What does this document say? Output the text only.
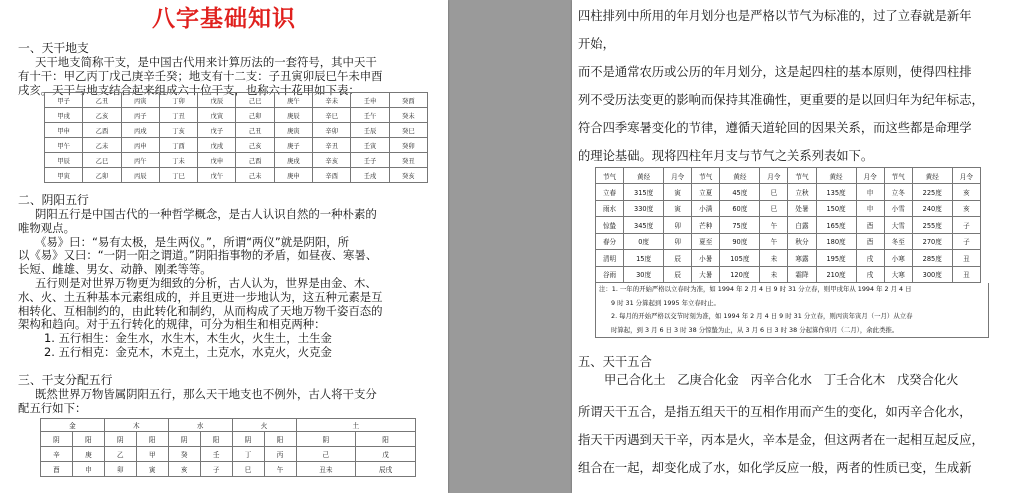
八字基础知识

一、天干地支

天干地支简称干支，是中国古代用来计算历法的一套符号，其中天干

有十干：甲乙丙丁戊己庚辛壬癸；地支有十二支：子丑寅卯辰巳午未申酉

戌亥。天干与地支结合起来组成六十位干支，也称六十花甲如下表：

甲子	乙丑	丙寅	丁卯	戊辰	己巳	庚午	辛未	壬申	癸酉
甲戌	乙亥	丙子	丁丑	戊寅	己卯	庚辰	辛巳	壬午	癸未
甲申	乙酉	丙戌	丁亥	戊子	己丑	庚寅	辛卯	壬辰	癸巳
甲午	乙未	丙申	丁酉	戊戌	己亥	庚子	辛丑	壬寅	癸卯
甲辰	乙巳	丙午	丁未	戊申	己酉	庚戌	辛亥	壬子	癸丑
甲寅	乙卯	丙辰	丁巳	戊午	己未	庚申	辛酉	壬戌	癸亥

二、阴阳五行

阴阳五行是中国古代的一种哲学概念，是古人认识自然的一种朴素的

唯物观点。

《易》曰：“易有太极，是生两仪。”，所谓“两仪”就是阴阳，所

以《易》又曰：“一阴一阳之谓道。”阴阳指事物的矛盾，如昼夜、寒暑、

长短、雌雄、男女、动静、刚柔等等。

五行则是对世界万物更为细致的分析，古人认为，世界是由金、木、

水、火、土五种基本元素组成的，并且更进一步地认为，这五种元素是互

相转化、互相制约的，由此转化和制约，从而构成了天地万物千姿百态的

架构和趋向。对于五行转化的规律，可分为相生和相克两种：

1. 五行相生：金生水，水生木，木生火，火生土，土生金

2. 五行相克：金克木，木克土，土克水，水克火，火克金

三、干支分配五行

既然世界万物皆属阴阳五行，那么天干地支也不例外，古人将干支分

配五行如下：

金		木		水		火		土	
阴	阳	阴	阳	阴	阳	阴	阳	阴	阳
辛	庚	乙	甲	癸	壬	丁	丙	己	戊
酉	申	卯	寅	亥	子	巳	午	丑未	辰戌

四柱排列中所用的年月划分也是严格以节气为标准的，过了立春就是新年

开始，

而不是通常农历或公历的年月划分，这是起四柱的基本原则，使得四柱排

列不受历法变更的影响而保持其准确性，更重要的是以回归年为纪年标志，

符合四季寒暑变化的节律，遵循天道轮回的因果关系，而这些都是命理学

的理论基础。现将四柱年月支与节气之关系列表如下。

节气	黄经	月令	节气	黄经	月令	节气	黄经	月令	节气	黄经	月令
立春	315度	寅	立夏	45度	巳	立秋	135度	申	立冬	225度	亥
雨水	330度	寅	小满	60度	巳	处暑	150度	申	小雪	240度	亥
惊蛰	345度	卯	芒种	75度	午	白露	165度	酉	大雪	255度	子
春分	0度	卯	夏至	90度	午	秋分	180度	酉	冬至	270度	子
清明	15度	辰	小暑	105度	未	寒露	195度	戌	小寒	285度	丑
谷雨	30度	辰	大暑	120度	未	霜降	210度	戌	大寒	300度	丑
注：1. 一年的开始严格以立春时为准，如 1994 年 2 月 4 日 9 时 31 分立春，则甲戌年从 1994 年 2 月 4 日
9 时 31 分算起到 1995 年立春时止。
2. 每月的开始严格以交节时刻为准，如 1994 年 2 月 4 日 9 时 31 分立春，则丙寅年寅月（一月）从立春
时算起，到 3 月 6 日 3 时 38 分惊蛰为止，从 3 月 6 日 3 时 38 分起算作卯月（二月），余此类推。

五、天干五合

甲己合化土 乙庚合化金 丙辛合化水 丁壬合化木 戊癸合化火

所谓天干五合，是指五组天干的互相作用而产生的变化，如丙辛合化水，

指天干丙遇到天干辛，丙本是火，辛本是金，但这两者在一起相互起反应，

组合在一起，却变化成了水，如化学反应一般，两者的性质已变，生成新
